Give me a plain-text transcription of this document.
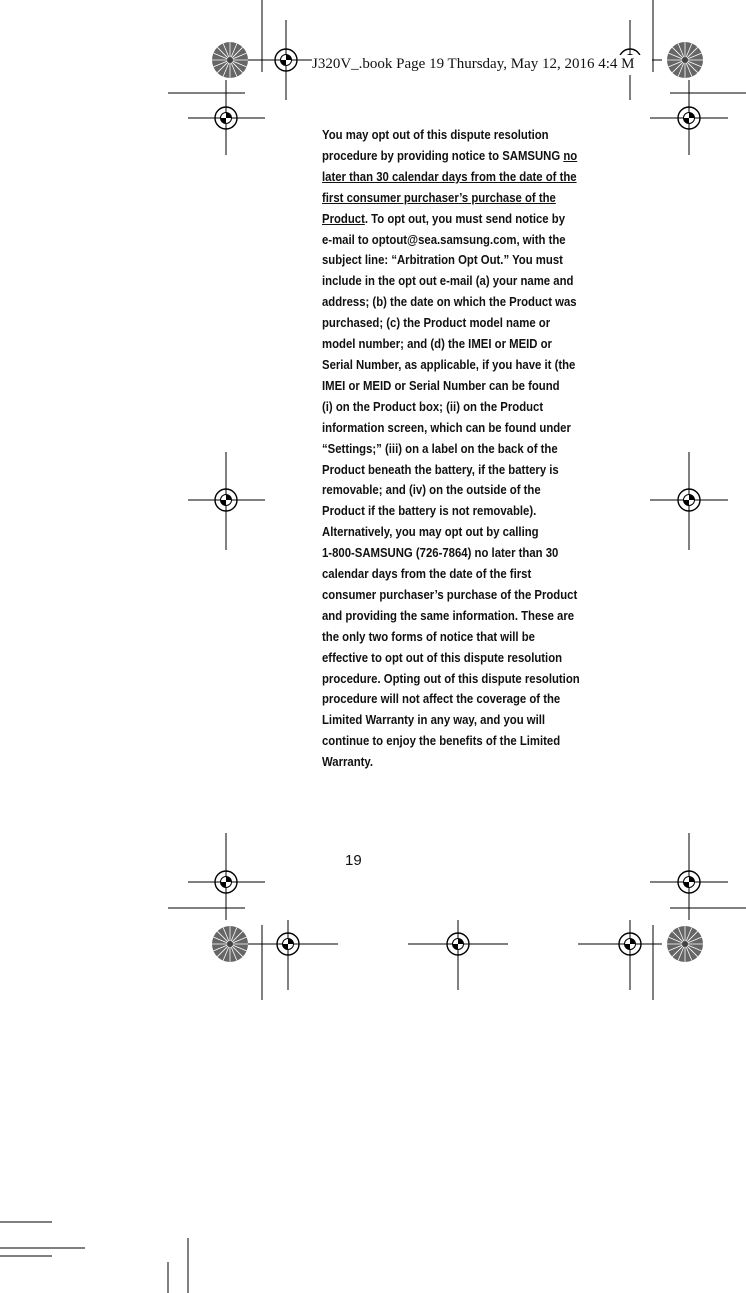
J320V_.book Page 19 Thursday, May 12, 2016 4:4 M
You may opt out of this dispute resolution
procedure by providing notice to SAMSUNG no
later than 30 calendar days from the date of the
first consumer purchaser’s purchase of the
Product. To opt out, you must send notice by
e-mail to optout@sea.samsung.com, with the
subject line: “Arbitration Opt Out.” You must
include in the opt out e-mail (a) your name and
address; (b) the date on which the Product was
purchased; (c) the Product model name or
model number; and (d) the IMEI or MEID or
Serial Number, as applicable, if you have it (the
IMEI or MEID or Serial Number can be found
(i) on the Product box; (ii) on the Product
information screen, which can be found under
“Settings;” (iii) on a label on the back of the
Product beneath the battery, if the battery is
removable; and (iv) on the outside of the
Product if the battery is not removable).
Alternatively, you may opt out by calling
1-800-SAMSUNG (726-7864) no later than 30
calendar days from the date of the first
consumer purchaser’s purchase of the Product
and providing the same information. These are
the only two forms of notice that will be
effective to opt out of this dispute resolution
procedure. Opting out of this dispute resolution
procedure will not affect the coverage of the
Limited Warranty in any way, and you will
continue to enjoy the benefits of the Limited
Warranty.
19
